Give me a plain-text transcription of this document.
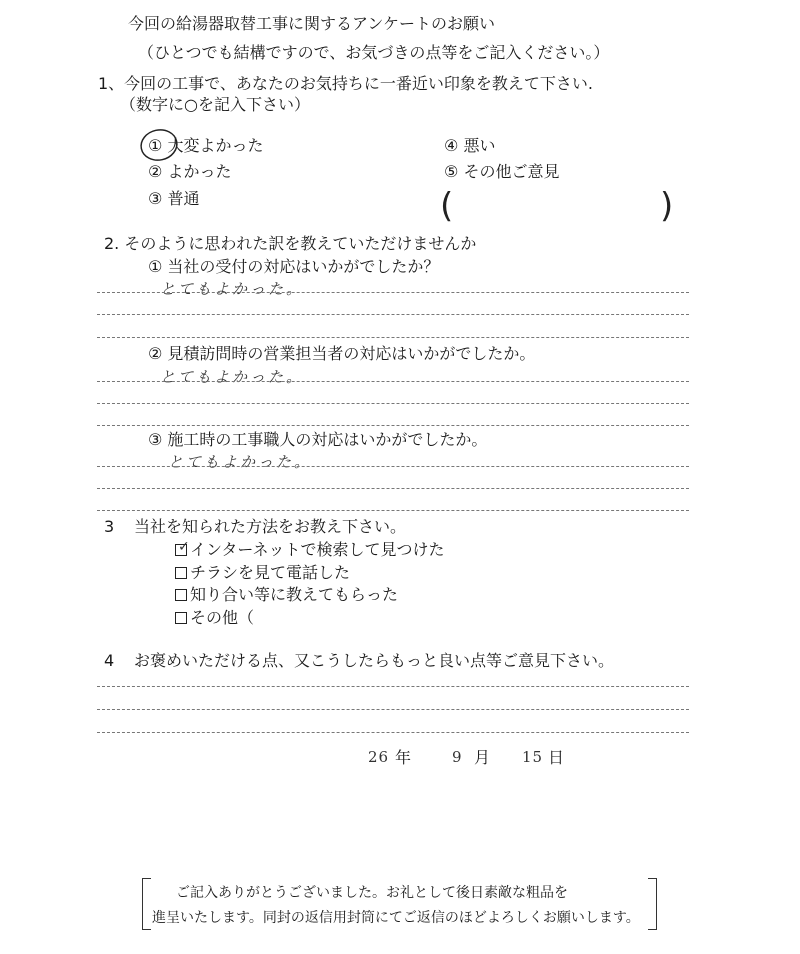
今回の給湯器取替工事に関するアンケートのお願い
（ひとつでも結構ですので、お気づきの点等をご記入ください。）
1、今回の工事で、あなたのお気持ちに一番近い印象を教えて下さい.
（数字に○を記入下さい）
① 大変よかった
② よかった
③ 普通
④ 悪い
⑤ その他ご意見
(	)
2. そのように思われた訳を教えていただけませんか
① 当社の受付の対応はいかがでしたか？
とてもよかった。
② 見積訪問時の営業担当者の対応はいかがでしたか。
とてもよかった。
③ 施工時の工事職人の対応はいかがでしたか。
とてもよかった。
3 当社を知られた方法をお教え下さい。
✓ インターネットで検索して見つけた
チラシを見て電話した
知り合い等に教えてもらった
その他（
4 お褒めいただける点、又こうしたらもっと良い点等ご意見下さい。
26 年	9 月 15 日
ご記入ありがとうございました。お礼として後日素敵な粗品を
進呈いたします。同封の返信用封筒にてご返信のほどよろしくお願いします。
